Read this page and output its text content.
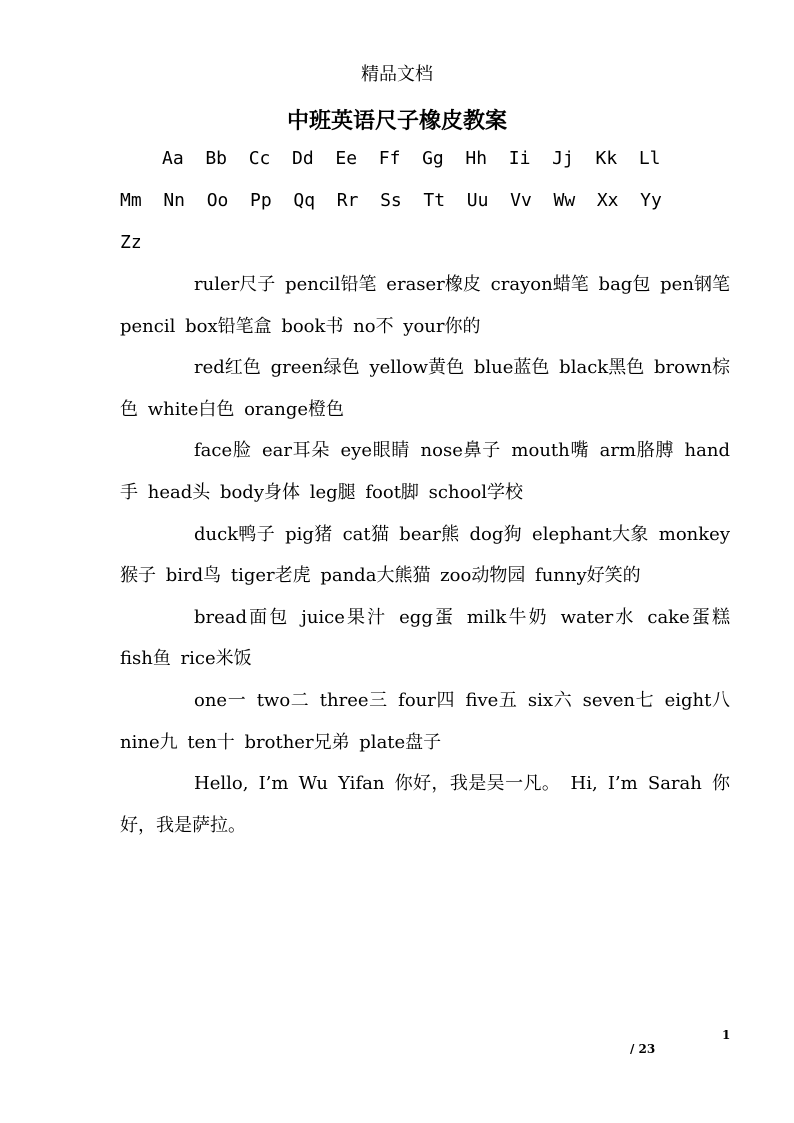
精品文档
中班英语尺子橡皮教案
Aa  Bb  Cc  Dd  Ee  Ff  Gg  Hh  Ii  Jj  Kk  Ll
Mm  Nn  Oo  Pp  Qq  Rr  Ss  Tt  Uu  Vv  Ww  Xx  Yy
Zz

ruler尺子 pencil铅笔 eraser橡皮 crayon蜡笔 bag包 pen钢笔 pencil box铅笔盒 book书 no不 your你的

red红色 green绿色 yellow黄色 blue蓝色 black黑色 brown棕色 white白色 orange橙色

face脸 ear耳朵 eye眼睛 nose鼻子 mouth嘴 arm胳膊 hand手 head头 body身体 leg腿 foot脚 school学校

duck鸭子 pig猪 cat猫 bear熊 dog狗 elephant大象 monkey猴子 bird鸟 tiger老虎 panda大熊猫 zoo动物园 funny好笑的

bread面包 juice果汁 egg蛋 milk牛奶 water水 cake蛋糕 fish鱼 rice米饭

one一 two二 three三 four四 five五 six六 seven七 eight八 nine九 ten十 brother兄弟 plate盘子

Hello, I’m Wu Yifan 你好，我是吴一凡。 Hi, I’m Sarah 你好，我是萨拉。

1
/ 23
